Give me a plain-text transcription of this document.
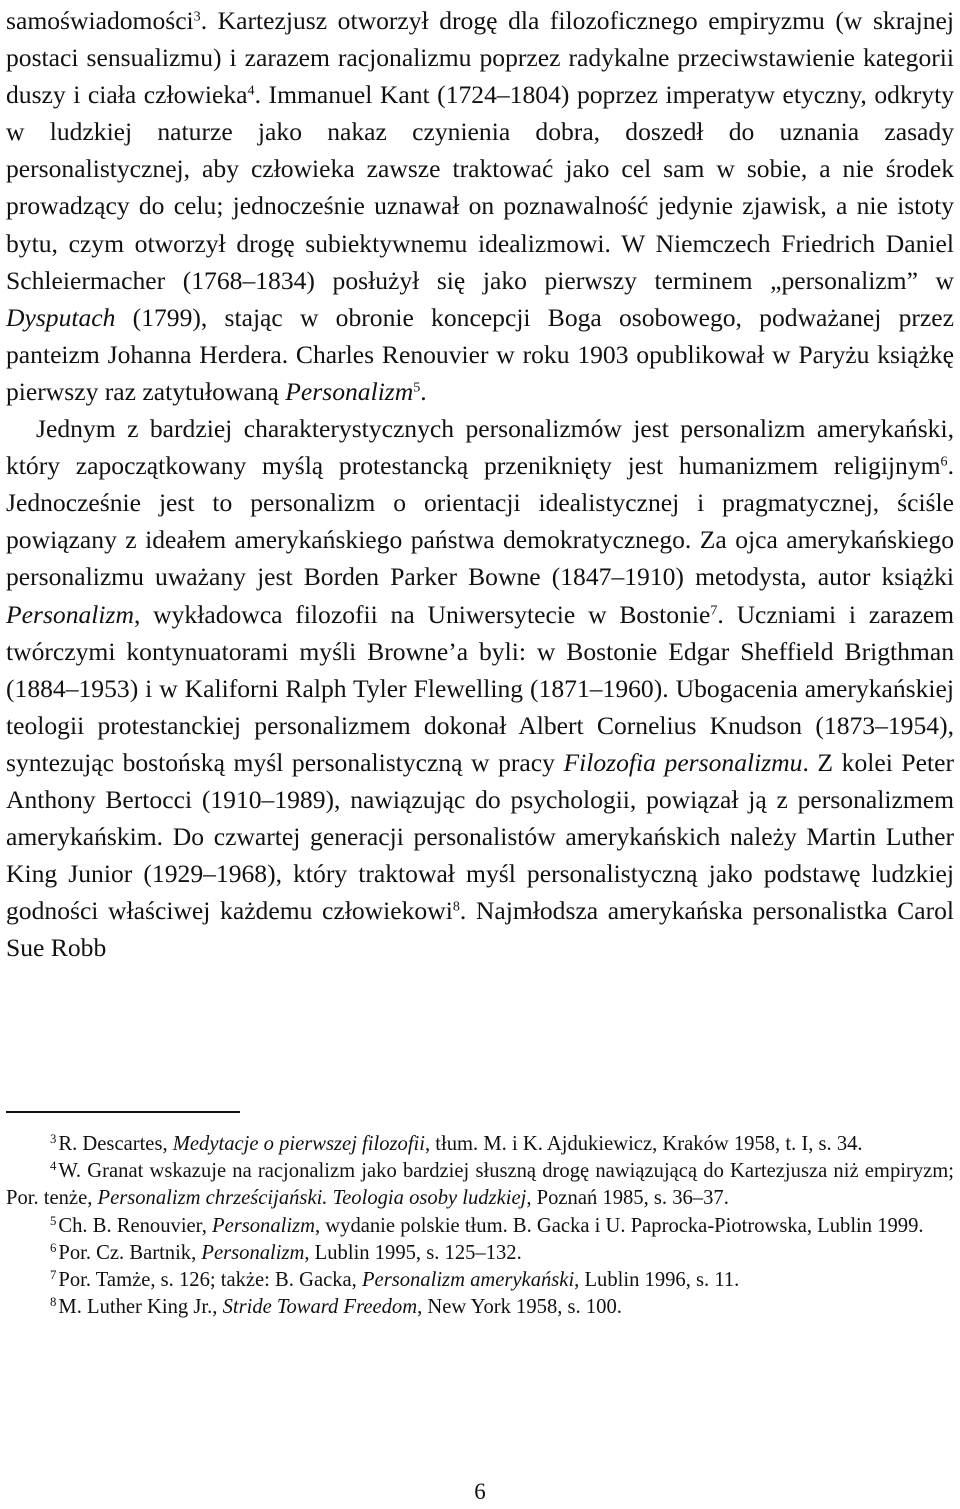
samoświadomości$^3$. Kartezjusz otworzył drogę dla filozoficznego empiryzmu (w skrajnej postaci sensualizmu) i zarazem racjonalizmu poprzez radykalne przeciwstawienie kategorii duszy i ciała człowieka$^4$. Immanuel Kant (1724–1804) poprzez imperatyw etyczny, odkryty w ludzkiej naturze jako nakaz czynienia dobra, doszedł do uznania zasady personalistycznej, aby człowieka zawsze traktować jako cel sam w sobie, a nie środek prowadzący do celu; jednocześnie uznawał on poznawalność jedynie zjawisk, a nie istoty bytu, czym otworzył drogę subiektywnemu idealizmowi. W Niemczech Friedrich Daniel Schleiermacher (1768–1834) posłużył się jako pierwszy terminem „personalizm” w Dysputach (1799), stając w obronie koncepcji Boga osobowego, podważanej przez panteizm Johanna Herdera. Charles Renouvier w roku 1903 opublikował w Paryżu książkę pierwszy raz zatytułowaną Personalizm$^5$.

Jednym z bardziej charakterystycznych personalizmów jest personalizm amerykański, który zapoczątkowany myślą protestancką przeniknięty jest humanizmem religijnym$^6$. Jednocześnie jest to personalizm o orientacji idealistycznej i pragmatycznej, ściśle powiązany z ideałem amerykańskiego państwa demokratycznego. Za ojca amerykańskiego personalizmu uważany jest Borden Parker Bowne (1847–1910) metodysta, autor książki Personalizm, wykładowca filozofii na Uniwersytecie w Bostonie$^7$. Uczniami i zarazem twórczymi kontynuatorami myśli Browne’a byli: w Bostonie Edgar Sheffield Brigthman (1884–1953) i w Kaliforni Ralph Tyler Flewelling (1871–1960). Ubogacenia amerykańskiej teologii protestanckiej personalizmem dokonał Albert Cornelius Knudson (1873–1954), syntezując bostońską myśl personalistyczną w pracy Filozofia personalizmu. Z kolei Peter Anthony Bertocci (1910–1989), nawiązując do psychologii, powiązał ją z personalizmem amerykańskim. Do czwartej generacji personalistów amerykańskich należy Martin Luther King Junior (1929–1968), który traktował myśl personalistyczną jako podstawę ludzkiej godności właściwej każdemu człowiekowi$^8$. Najmłodsza amerykańska personalistka Carol Sue Robb

$^3$R. Descartes, Medytacje o pierwszej filozofii, tłum. M. i K. Ajdukiewicz, Kraków 1958, t. I, s. 34.

$^4$W. Granat wskazuje na racjonalizm jako bardziej słuszną drogę nawiązującą do Kartezjusza niż empiryzm; Por. tenże, Personalizm chrześcijański. Teologia osoby ludzkiej, Poznań 1985, s. 36–37.

$^5$Ch. B. Renouvier, Personalizm, wydanie polskie tłum. B. Gacka i U. Paprocka-Piotrowska, Lublin 1999.

$^6$Por. Cz. Bartnik, Personalizm, Lublin 1995, s. 125–132.

$^7$Por. Tamże, s. 126; także: B. Gacka, Personalizm amerykański, Lublin 1996, s. 11.

$^8$M. Luther King Jr., Stride Toward Freedom, New York 1958, s. 100.

6
